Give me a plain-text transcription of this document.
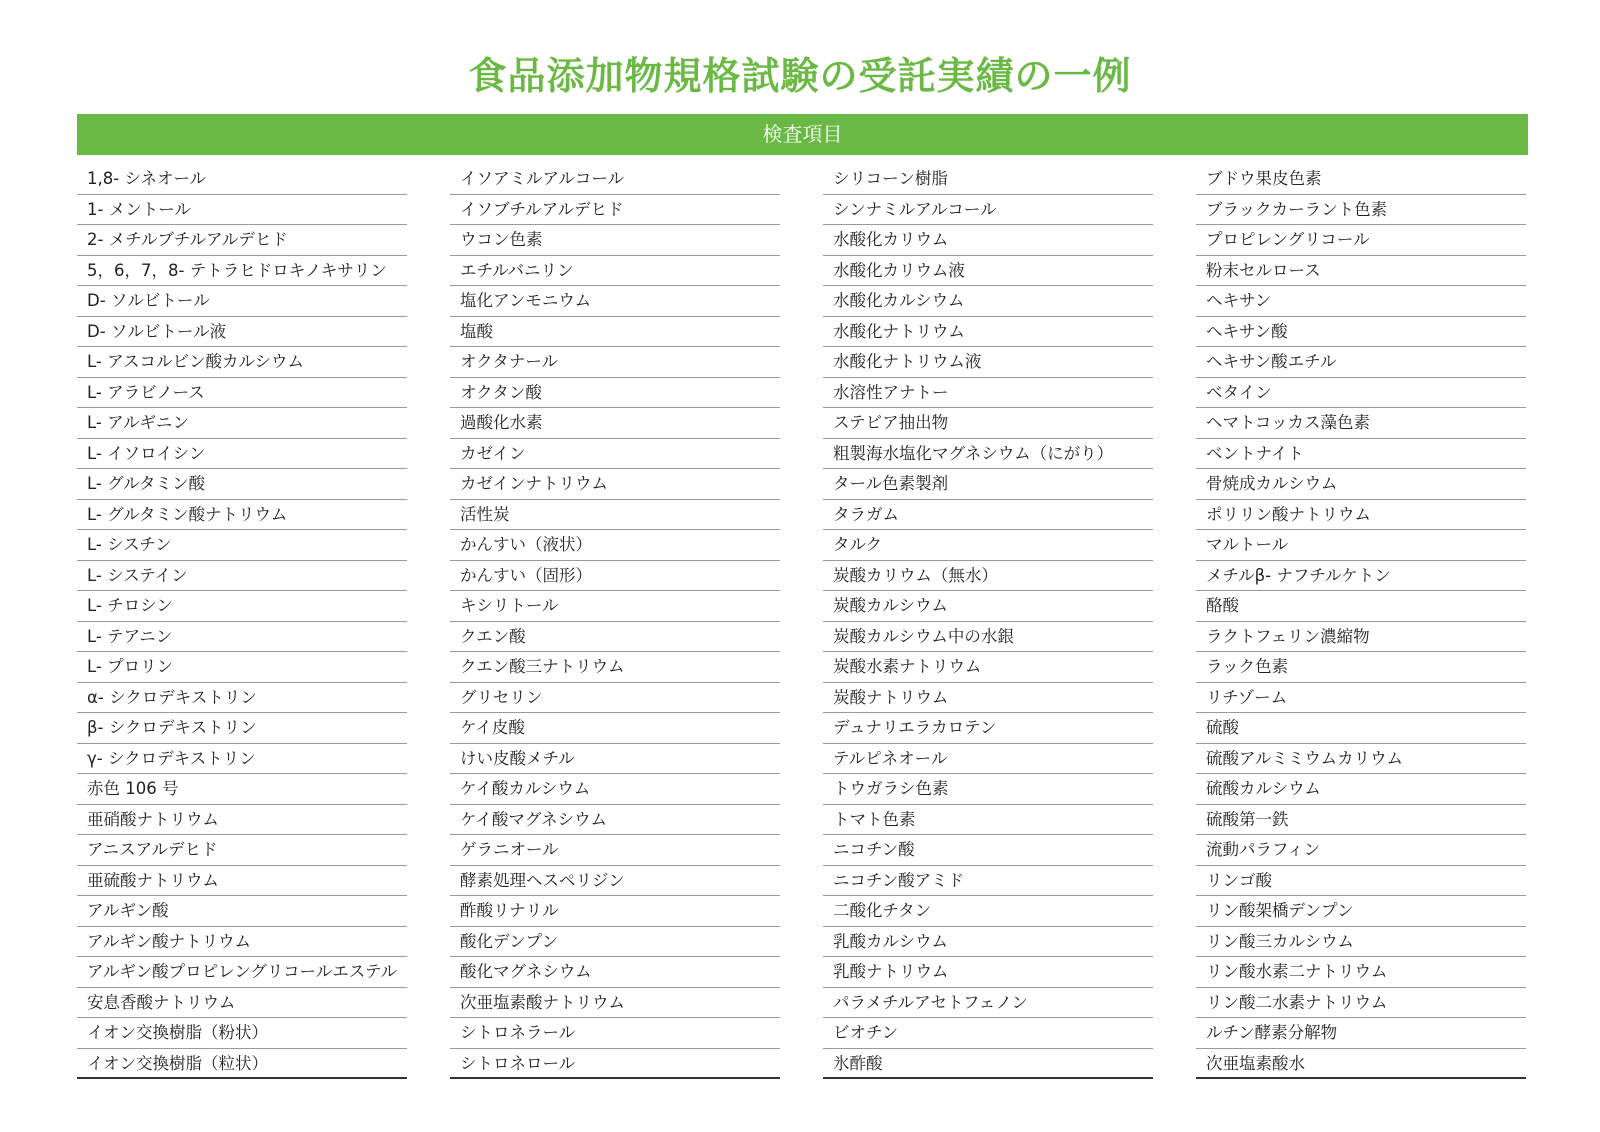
食品添加物規格試験の受託実績の一例
検査項目
1,8- シネオール
1- メントール
2- メチルブチルアルデヒド
5，6，7，8- テトラヒドロキノキサリン
D- ソルビトール
D- ソルビトール液
L- アスコルビン酸カルシウム
L- アラビノース
L- アルギニン
L- イソロイシン
L- グルタミン酸
L- グルタミン酸ナトリウム
L- シスチン
L- システイン
L- チロシン
L- テアニン
L- プロリン
α- シクロデキストリン
β- シクロデキストリン
γ- シクロデキストリン
赤色 106 号
亜硝酸ナトリウム
アニスアルデヒド
亜硫酸ナトリウム
アルギン酸
アルギン酸ナトリウム
アルギン酸プロピレングリコールエステル
安息香酸ナトリウム
イオン交換樹脂（粉状）
イオン交換樹脂（粒状）
イソアミルアルコール
イソブチルアルデヒド
ウコン色素
エチルバニリン
塩化アンモニウム
塩酸
オクタナール
オクタン酸
過酸化水素
カゼイン
カゼインナトリウム
活性炭
かんすい（液状）
かんすい（固形）
キシリトール
クエン酸
クエン酸三ナトリウム
グリセリン
ケイ皮酸
けい皮酸メチル
ケイ酸カルシウム
ケイ酸マグネシウム
ゲラニオール
酵素処理ヘスペリジン
酢酸リナリル
酸化デンプン
酸化マグネシウム
次亜塩素酸ナトリウム
シトロネラール
シトロネロール
シリコーン樹脂
シンナミルアルコール
水酸化カリウム
水酸化カリウム液
水酸化カルシウム
水酸化ナトリウム
水酸化ナトリウム液
水溶性アナトー
ステビア抽出物
粗製海水塩化マグネシウム（にがり）
タール色素製剤
タラガム
タルク
炭酸カリウム（無水）
炭酸カルシウム
炭酸カルシウム中の水銀
炭酸水素ナトリウム
炭酸ナトリウム
デュナリエラカロテン
テルピネオール
トウガラシ色素
トマト色素
ニコチン酸
ニコチン酸アミド
二酸化チタン
乳酸カルシウム
乳酸ナトリウム
パラメチルアセトフェノン
ビオチン
氷酢酸
ブドウ果皮色素
ブラックカーラント色素
プロピレングリコール
粉末セルロース
ヘキサン
ヘキサン酸
ヘキサン酸エチル
ベタイン
ヘマトコッカス藻色素
ベントナイト
骨焼成カルシウム
ポリリン酸ナトリウム
マルトール
メチルβ- ナフチルケトン
酪酸
ラクトフェリン濃縮物
ラック色素
リチゾーム
硫酸
硫酸アルミミウムカリウム
硫酸カルシウム
硫酸第一鉄
流動パラフィン
リンゴ酸
リン酸架橋デンプン
リン酸三カルシウム
リン酸水素二ナトリウム
リン酸二水素ナトリウム
ルチン酵素分解物
次亜塩素酸水
